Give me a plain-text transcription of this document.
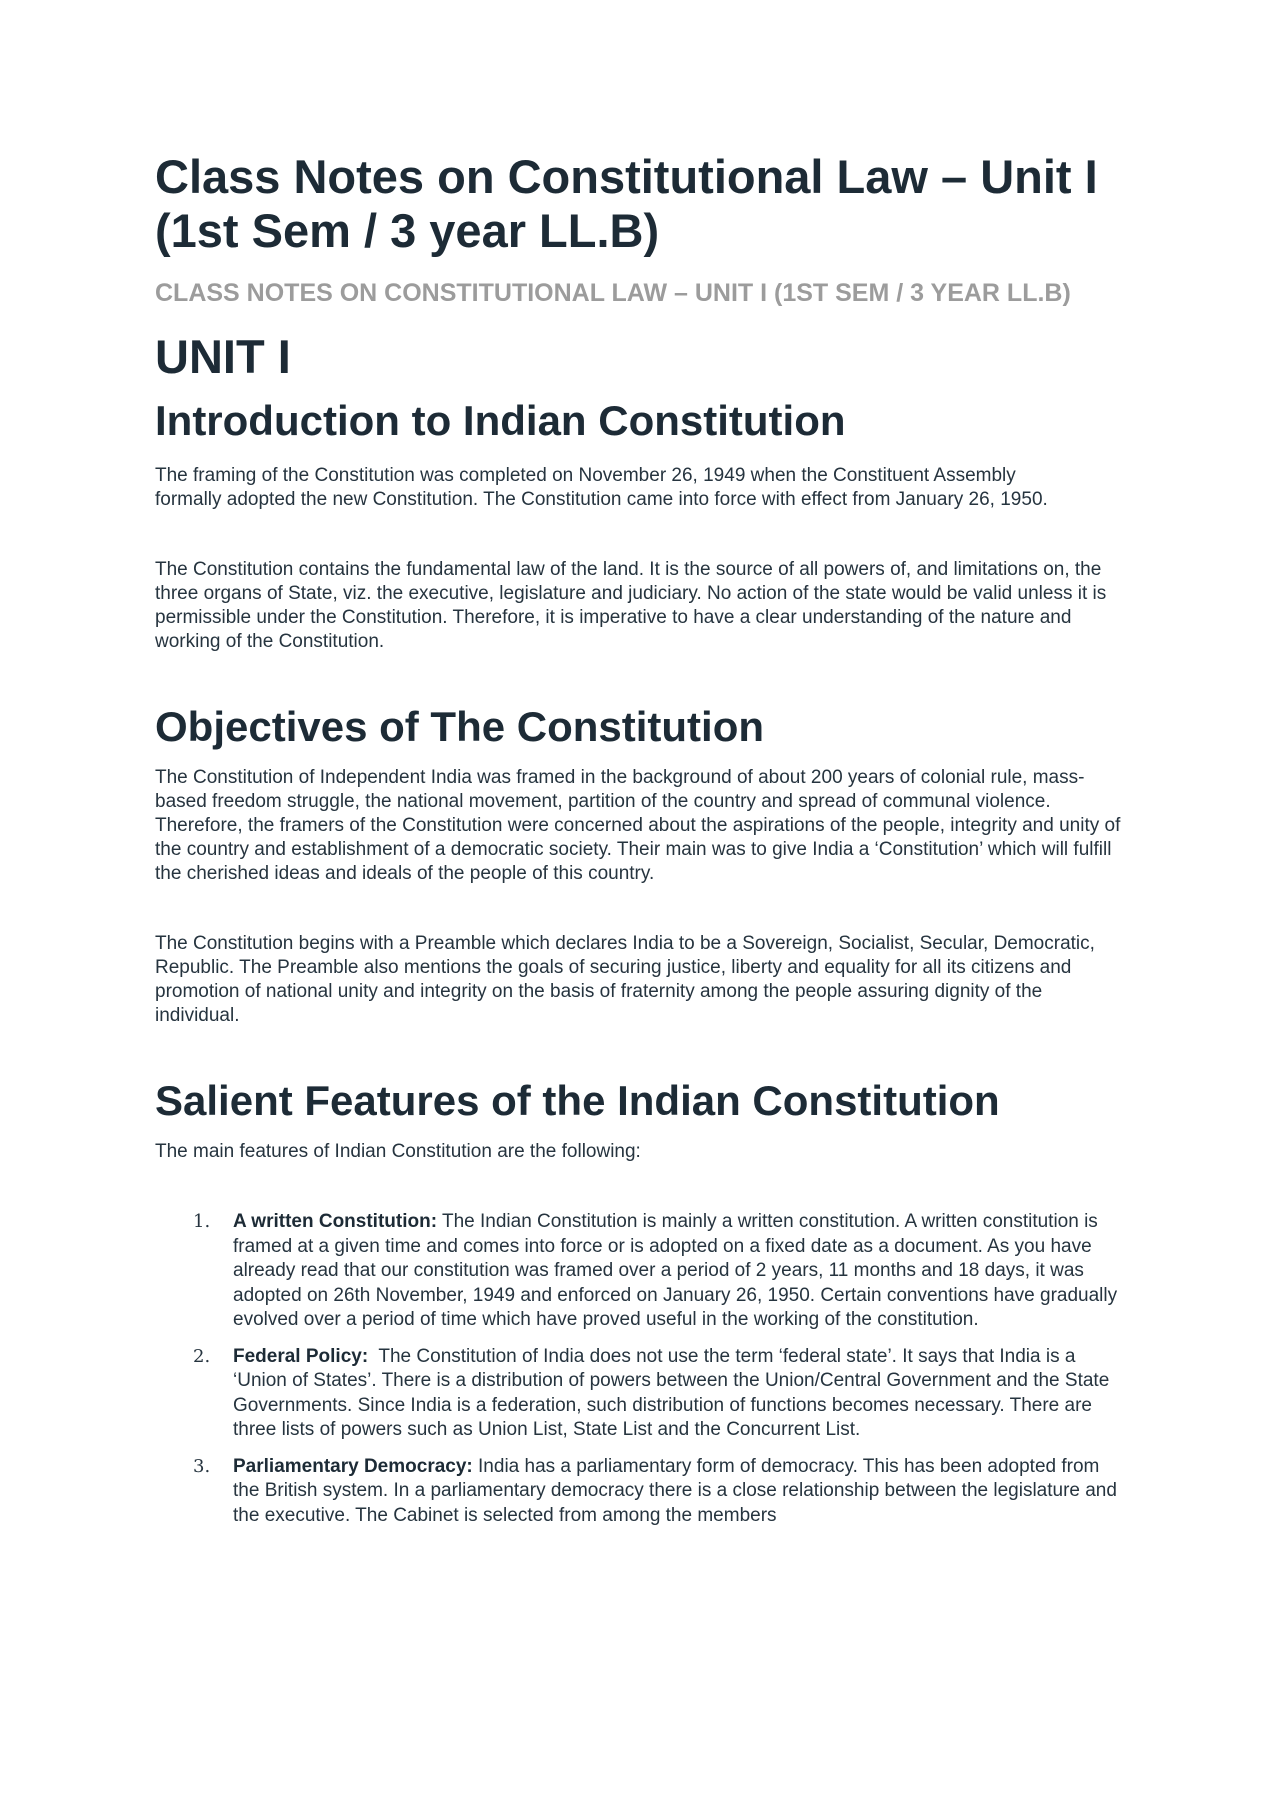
Class Notes on Constitutional Law – Unit I (1st Sem / 3 year LL.B)
CLASS NOTES ON CONSTITUTIONAL LAW – UNIT I (1ST SEM / 3 YEAR LL.B)
UNIT I
Introduction to Indian Constitution

The framing of the Constitution was completed on November 26, 1949 when the Constituent Assembly formally adopted the new Constitution. The Constitution came into force with effect from January 26, 1950.

The Constitution contains the fundamental law of the land. It is the source of all powers of, and limitations on, the three organs of State, viz. the executive, legislature and judiciary. No action of the state would be valid unless it is permissible under the Constitution. Therefore, it is imperative to have a clear understanding of the nature and working of the Constitution.

Objectives of The Constitution

The Constitution of Independent India was framed in the background of about 200 years of colonial rule, mass-based freedom struggle, the national movement, partition of the country and spread of communal violence. Therefore, the framers of the Constitution were concerned about the aspirations of the people, integrity and unity of the country and establishment of a democratic society. Their main was to give India a ‘Constitution’ which will fulfill the cherished ideas and ideals of the people of this country.

The Constitution begins with a Preamble which declares India to be a Sovereign, Socialist, Secular, Democratic, Republic. The Preamble also mentions the goals of securing justice, liberty and equality for all its citizens and promotion of national unity and integrity on the basis of fraternity among the people assuring dignity of the individual.

Salient Features of the Indian Constitution

The main features of Indian Constitution are the following:

1. A written Constitution: The Indian Constitution is mainly a written constitution. A written constitution is framed at a given time and comes into force or is adopted on a fixed date as a document. As you have already read that our constitution was framed over a period of 2 years, 11 months and 18 days, it was adopted on 26th November, 1949 and enforced on January 26, 1950. Certain conventions have gradually evolved over a period of time which have proved useful in the working of the constitution.
2. Federal Policy:  The Constitution of India does not use the term ‘federal state’. It says that India is a ‘Union of States’. There is a distribution of powers between the Union/Central Government and the State Governments. Since India is a federation, such distribution of functions becomes necessary. There are three lists of powers such as Union List, State List and the Concurrent List.
3. Parliamentary Democracy: India has a parliamentary form of democracy. This has been adopted from the British system. In a parliamentary democracy there is a close relationship between the legislature and the executive. The Cabinet is selected from among the members
